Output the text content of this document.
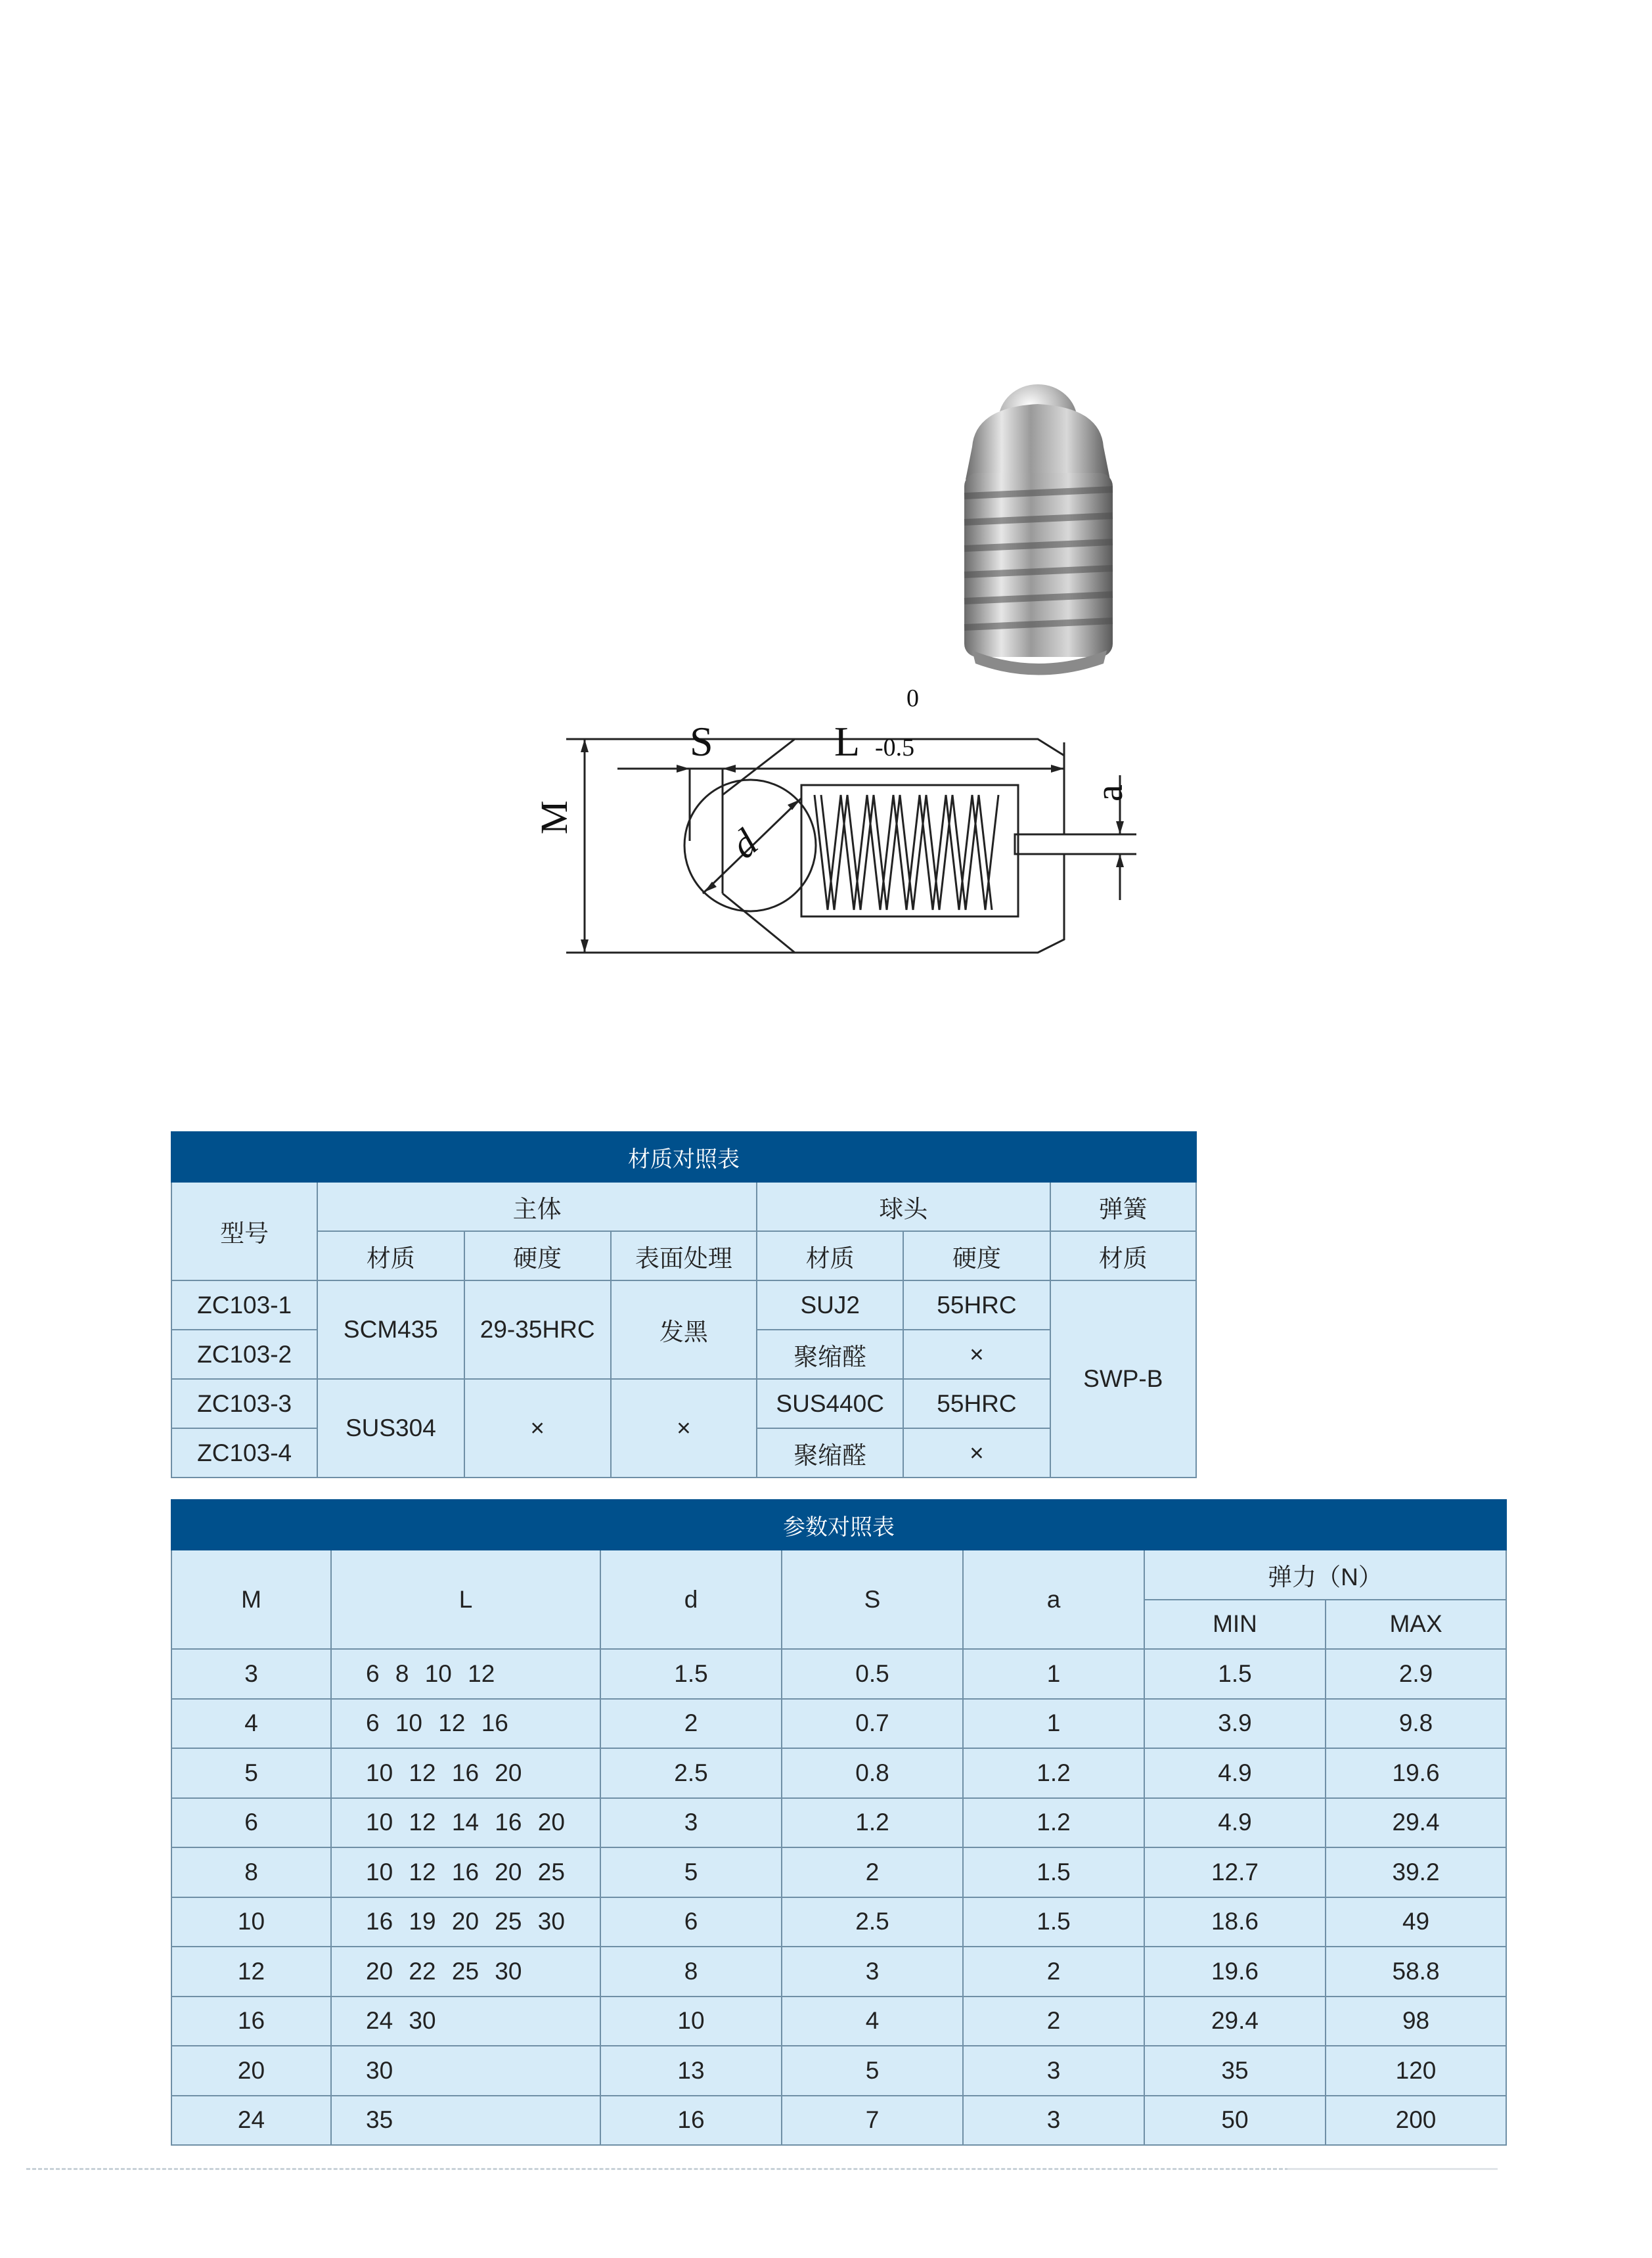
S	L
0
-0.5
M
a
d
材质对照表						
型号	主体			球头		弹簧
	材质	硬度	表面处理	材质	硬度	材质
ZC103-1	SCM435	29-35HRC	发黑	SUJ2	55HRC	SWP-B
ZC103-2				聚缩醛	×	
ZC103-3	SUS304	×	×	SUS440C	55HRC	
ZC103-4				聚缩醛	×	
参数对照表						
M	L	d	S	a	弹力（N）	
					MIN	MAX
3	6 8 10 12	1.5	0.5	1	1.5	2.9
4	6 10 12 16	2	0.7	1	3.9	9.8
5	10 12 16 20	2.5	0.8	1.2	4.9	19.6
6	10 12 14 16 20	3	1.2	1.2	4.9	29.4
8	10 12 16 20 25	5	2	1.5	12.7	39.2
10	16 19 20 25 30	6	2.5	1.5	18.6	49
12	20 22 25 30	8	3	2	19.6	58.8
16	24 30	10	4	2	29.4	98
20	30	13	5	3	35	120
24	35	16	7	3	50	200
